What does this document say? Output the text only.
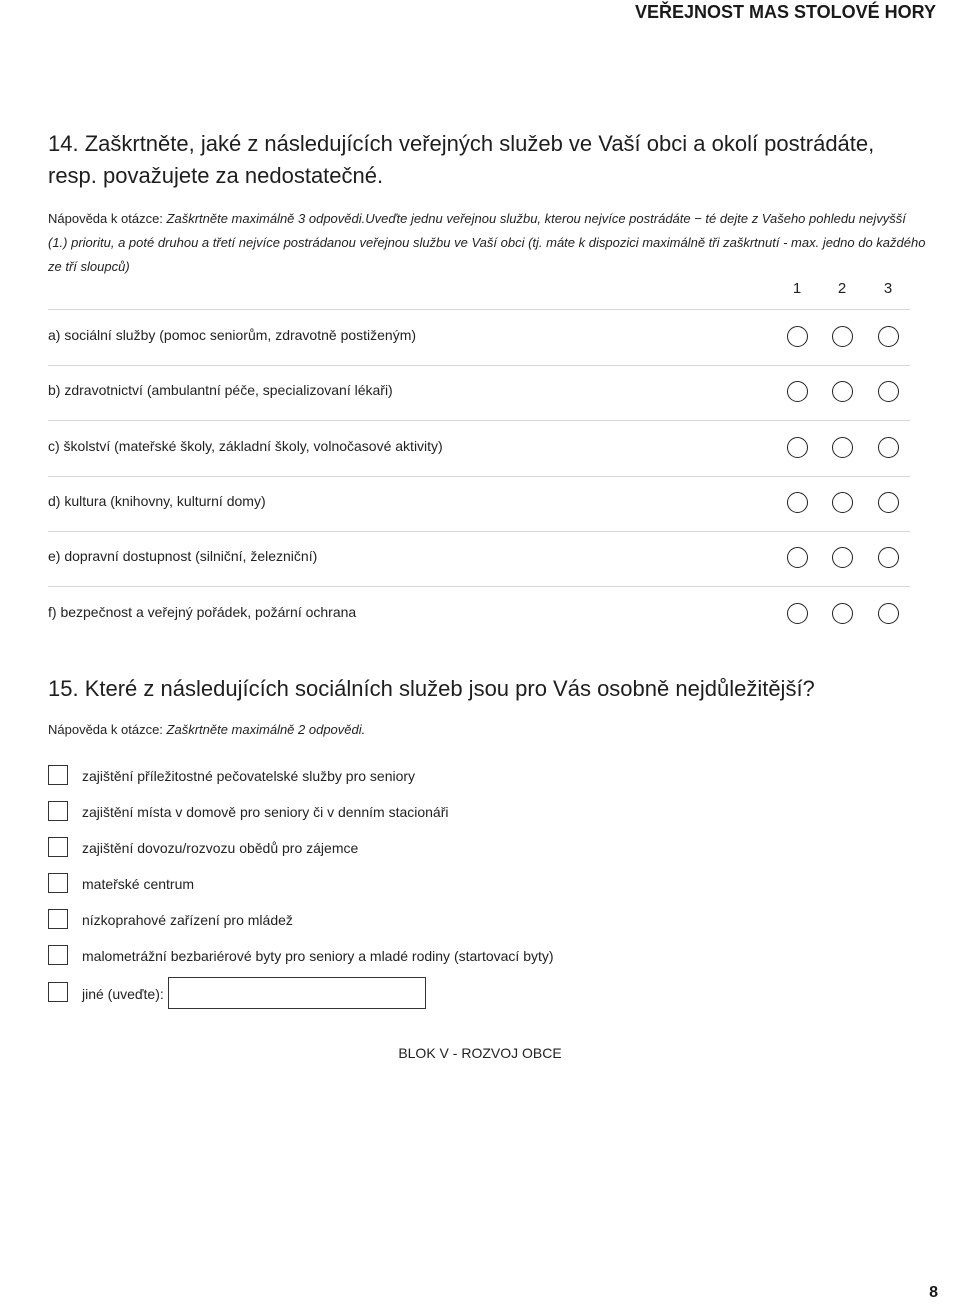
VEŘEJNOST MAS STOLOVÉ HORY
14. Zaškrtněte, jaké z následujících veřejných služeb ve Vaší obci a okolí postrádáte, resp. považujete za nedostatečné.
Nápověda k otázce: Zaškrtněte maximálně 3 odpovědi.Uveďte jednu veřejnou službu, kterou nejvíce postrádáte − té dejte z Vašeho pohledu nejvyšší (1.) prioritu, a poté druhou a třetí nejvíce postrádanou veřejnou službu ve Vaší obci (tj. máte k dispozici maximálně tři zaškrtnutí - max. jedno do každého ze tří sloupců)
1	2	3
a) sociální služby (pomoc seniorům, zdravotně postiženým)
b) zdravotnictví (ambulantní péče, specializovaní lékaři)
c) školství (mateřské školy, základní školy, volnočasové aktivity)
d) kultura (knihovny, kulturní domy)
e) dopravní dostupnost (silniční, železniční)
f) bezpečnost a veřejný pořádek, požární ochrana
15. Které z následujících sociálních služeb jsou pro Vás osobně nejdůležitější?
Nápověda k otázce: Zaškrtněte maximálně 2 odpovědi.
zajištění příležitostné pečovatelské služby pro seniory
zajištění místa v domově pro seniory či v denním stacionáři
zajištění dovozu/rozvozu obědů pro zájemce
mateřské centrum
nízkoprahové zařízení pro mládež
malometrážní bezbariérové byty pro seniory a mladé rodiny (startovací byty)
jiné (uveďte):
BLOK V - ROZVOJ OBCE
8
